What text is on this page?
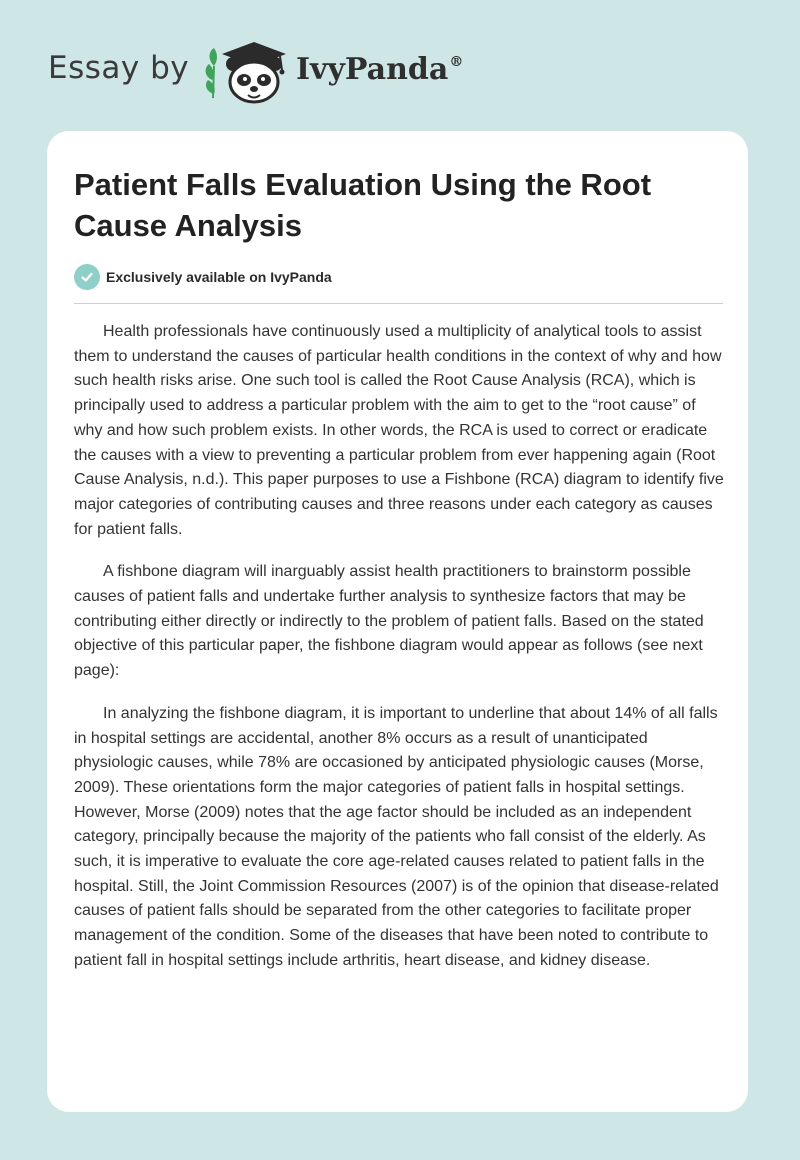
Essay by	IvyPanda®
Patient Falls Evaluation Using the Root Cause Analysis
Exclusively available on IvyPanda

Health professionals have continuously used a multiplicity of analytical tools to assist them to understand the causes of particular health conditions in the context of why and how such health risks arise. One such tool is called the Root Cause Analysis (RCA), which is principally used to address a particular problem with the aim to get to the “root cause” of why and how such problem exists. In other words, the RCA is used to correct or eradicate the causes with a view to preventing a particular problem from ever happening again (Root Cause Analysis, n.d.). This paper purposes to use a Fishbone (RCA) diagram to identify five major categories of contributing causes and three reasons under each category as causes for patient falls.

A fishbone diagram will inarguably assist health practitioners to brainstorm possible causes of patient falls and undertake further analysis to synthesize factors that may be contributing either directly or indirectly to the problem of patient falls. Based on the stated objective of this particular paper, the fishbone diagram would appear as follows (see next page):

In analyzing the fishbone diagram, it is important to underline that about 14% of all falls in hospital settings are accidental, another 8% occurs as a result of unanticipated physiologic causes, while 78% are occasioned by anticipated physiologic causes (Morse, 2009). These orientations form the major categories of patient falls in hospital settings. However, Morse (2009) notes that the age factor should be included as an independent category, principally because the majority of the patients who fall consist of the elderly. As such, it is imperative to evaluate the core age-related causes related to patient falls in the hospital. Still, the Joint Commission Resources (2007) is of the opinion that disease-related causes of patient falls should be separated from the other categories to facilitate proper management of the condition. Some of the diseases that have been noted to contribute to patient fall in hospital settings include arthritis, heart disease, and kidney disease.
